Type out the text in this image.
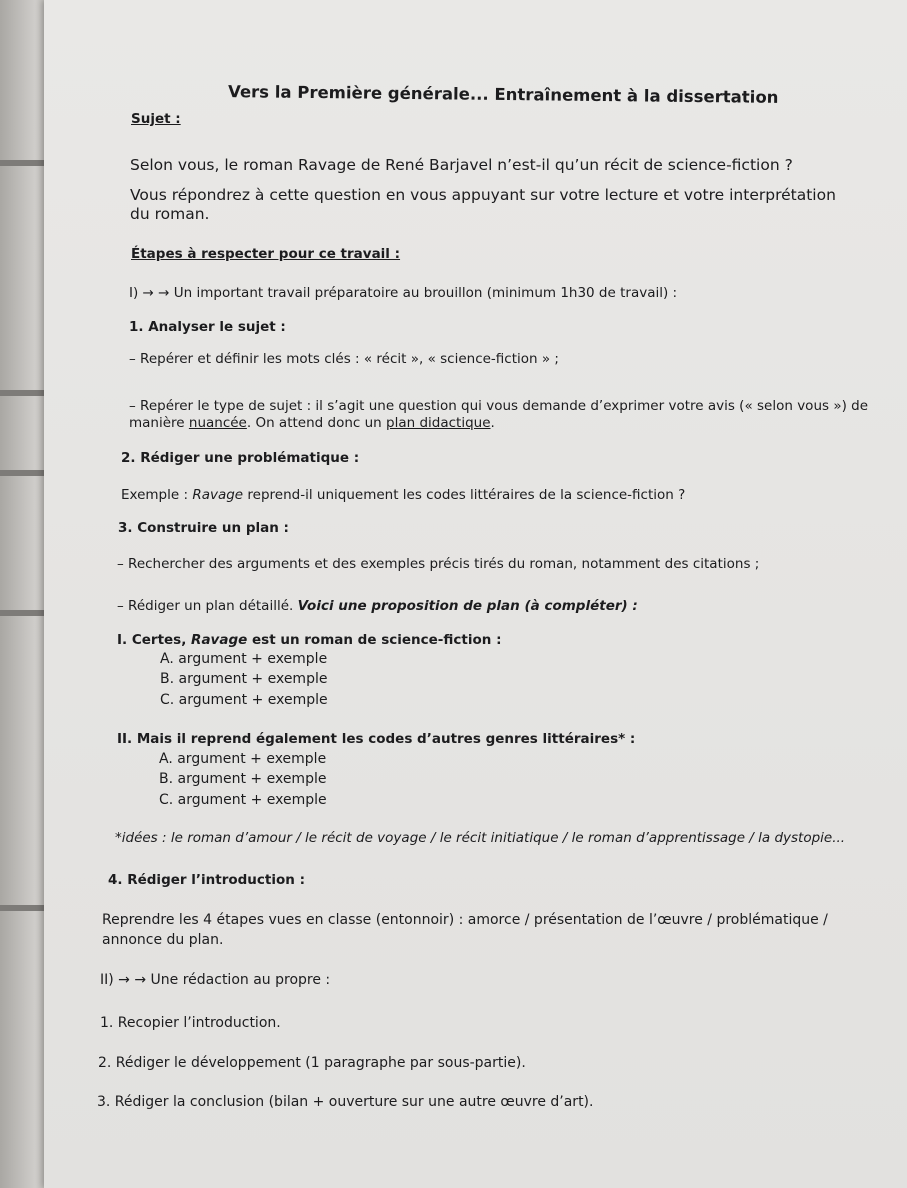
Vers la Première générale... Entraînement à la dissertation
Sujet :
Selon vous, le roman Ravage de René Barjavel n’est-il qu’un récit de science-fiction ?
Vous répondrez à cette question en vous appuyant sur votre lecture et votre interprétation
du roman.
Étapes à respecter pour ce travail :
I) → → Un important travail préparatoire au brouillon (minimum 1h30 de travail) :
1. Analyser le sujet :
– Repérer et définir les mots clés : « récit », « science-fiction » ;
– Repérer le type de sujet : il s’agit une question qui vous demande d’exprimer votre avis (« selon vous ») de
manière nuancée. On attend donc un plan didactique.
2. Rédiger une problématique :
Exemple : Ravage reprend-il uniquement les codes littéraires de la science-fiction ?
3. Construire un plan :
– Rechercher des arguments et des exemples précis tirés du roman, notamment des citations ;
– Rédiger un plan détaillé. Voici une proposition de plan (à compléter) :
I. Certes, Ravage est un roman de science-fiction :
A. argument + exemple
B. argument + exemple
C. argument + exemple
II. Mais il reprend également les codes d’autres genres littéraires* :
A. argument + exemple
B. argument + exemple
C. argument + exemple
*idées : le roman d’amour / le récit de voyage / le récit initiatique / le roman d’apprentissage / la dystopie...
4. Rédiger l’introduction :
Reprendre les 4 étapes vues en classe (entonnoir) : amorce / présentation de l’œuvre / problématique /
annonce du plan.
II) → → Une rédaction au propre :
1. Recopier l’introduction.
2. Rédiger le développement (1 paragraphe par sous-partie).
3. Rédiger la conclusion (bilan + ouverture sur une autre œuvre d’art).
